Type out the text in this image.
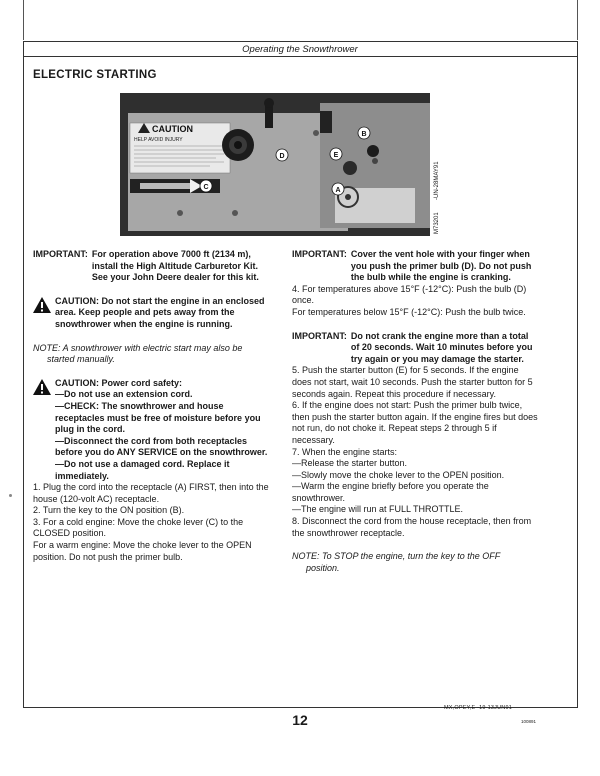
Operating the Snowthrower
ELECTRIC STARTING
CAUTION
HELP AVOID INJURY
D	E
B
C	A	-UN-28MAY91
M73201
IMPORTANT: For operation above 7000 ft (2134 m), install the High Altitude Carburetor Kit. See your John Deere dealer for this kit.
CAUTION: Do not start the engine in an enclosed area. Keep people and pets away from the snowthrower when the engine is running.
NOTE: A snowthrower with electric start may also be
started manually.
CAUTION: Power cord safety:
—Do not use an extension cord.
—CHECK: The snowthrower and house receptacles must be free of moisture before you plug in the cord.
—Disconnect the cord from both receptacles before you do ANY SERVICE on the snowthrower.
—Do not use a damaged cord. Replace it immediately.

1. Plug the cord into the receptacle (A) FIRST, then into the house (120-volt AC) receptacle.

2. Turn the key to the ON position (B).

3. For a cold engine: Move the choke lever (C) to the CLOSED position.

For a warm engine: Move the choke lever to the OPEN position. Do not push the primer bulb.

IMPORTANT: Cover the vent hole with your finger when you push the primer bulb (D). Do not push the bulb while the engine is cranking.

4. For temperatures above 15°F (-12°C): Push the bulb (D) once.

For temperatures below 15°F (-12°C): Push the bulb twice.

IMPORTANT: Do not crank the engine more than a total of 20 seconds. Wait 10 minutes before you try again or you may damage the starter.

5. Push the starter button (E) for 5 seconds. If the engine does not start, wait 10 seconds. Push the starter button for 5 seconds again. Repeat this procedure if necessary.

6. If the engine does not start: Push the primer bulb twice, then push the starter button again. If the engine fires but does not run, do not choke it. Repeat steps 2 through 5 if necessary.

7. When the engine starts:

—Release the starter button.

—Slowly move the choke lever to the OPEN position.

—Warm the engine briefly before you operate the snowthrower.

—The engine will run at FULL THROTTLE.

8. Disconnect the cord from the house receptacle, then from the snowthrower receptacle.

NOTE: To STOP the engine, turn the key to the OFF
position.
MX,OPEY,E -19-13JUN91
12	100891
